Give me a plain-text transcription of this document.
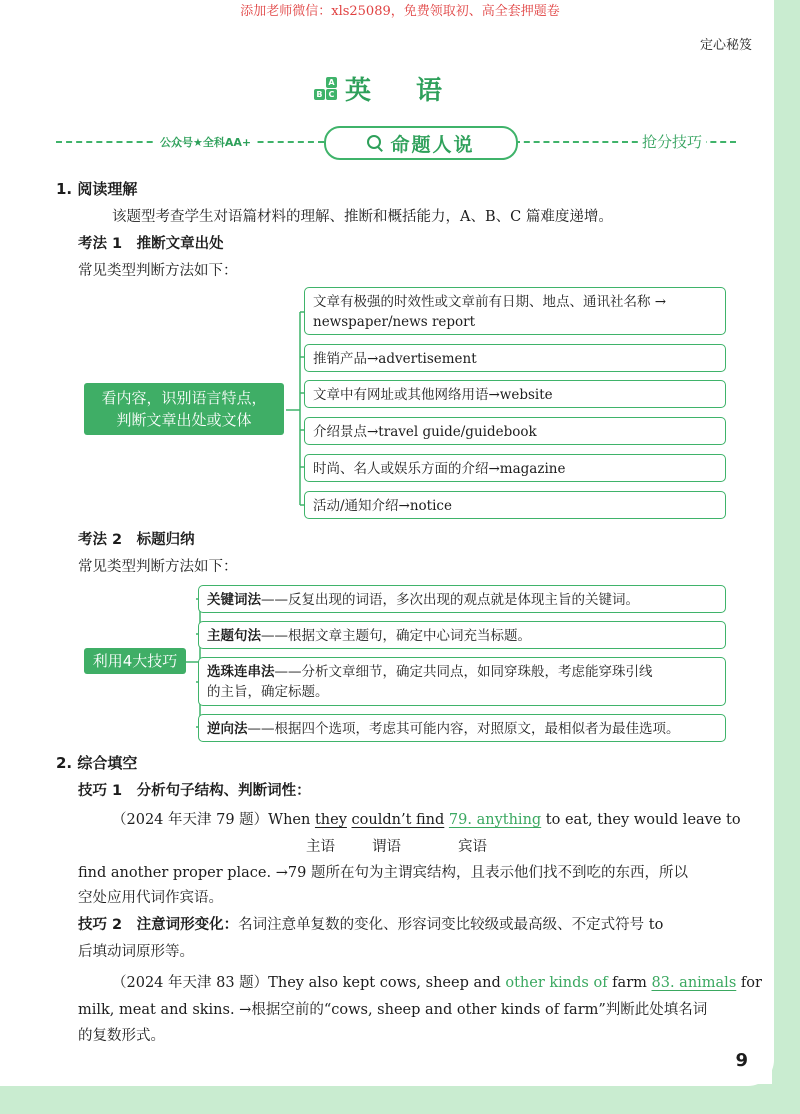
添加老师微信：xls25089，免费领取初、高全套押题卷
定心秘笈
A
B C 英 语
公众号★全科AA+	命题人说	抢分技巧
1. 阅读理解
该题型考查学生对语篇材料的理解、推断和概括能力，A、B、C 篇难度递增。
考法 1　推断文章出处
常见类型判断方法如下：
看内容，识别语言特点，
判断文章出处或文体
文章有极强的时效性或文章前有日期、地点、通讯社名称 →
newspaper/news report
推销产品→advertisement
文章中有网址或其他网络用语→website
介绍景点→travel guide/guidebook
时尚、名人或娱乐方面的介绍→magazine
活动/通知介绍→notice
考法 2　标题归纳
常见类型判断方法如下：
利用4大技巧
关键词法——反复出现的词语，多次出现的观点就是体现主旨的关键词。
主题句法——根据文章主题句，确定中心词充当标题。
选珠连串法——分析文章细节，确定共同点，如同穿珠般，考虑能穿珠引线
的主旨，确定标题。
逆向法——根据四个选项，考虑其可能内容，对照原文，最相似者为最佳选项。
2. 综合填空
技巧 1　分析句子结构、判断词性：
（2024 年天津 79 题）When they couldn’t find 79. anything to eat, they would leave to
主语	谓语	宾语
find another proper place. →79 题所在句为主谓宾结构，且表示他们找不到吃的东西，所以
空处应用代词作宾语。
技巧 2　注意词形变化：名词注意单复数的变化、形容词变比较级或最高级、不定式符号 to
后填动词原形等。
（2024 年天津 83 题）They also kept cows, sheep and other kinds of farm 83. animals for
milk, meat and skins. →根据空前的“cows, sheep and other kinds of farm”判断此处填名词
的复数形式。
9
